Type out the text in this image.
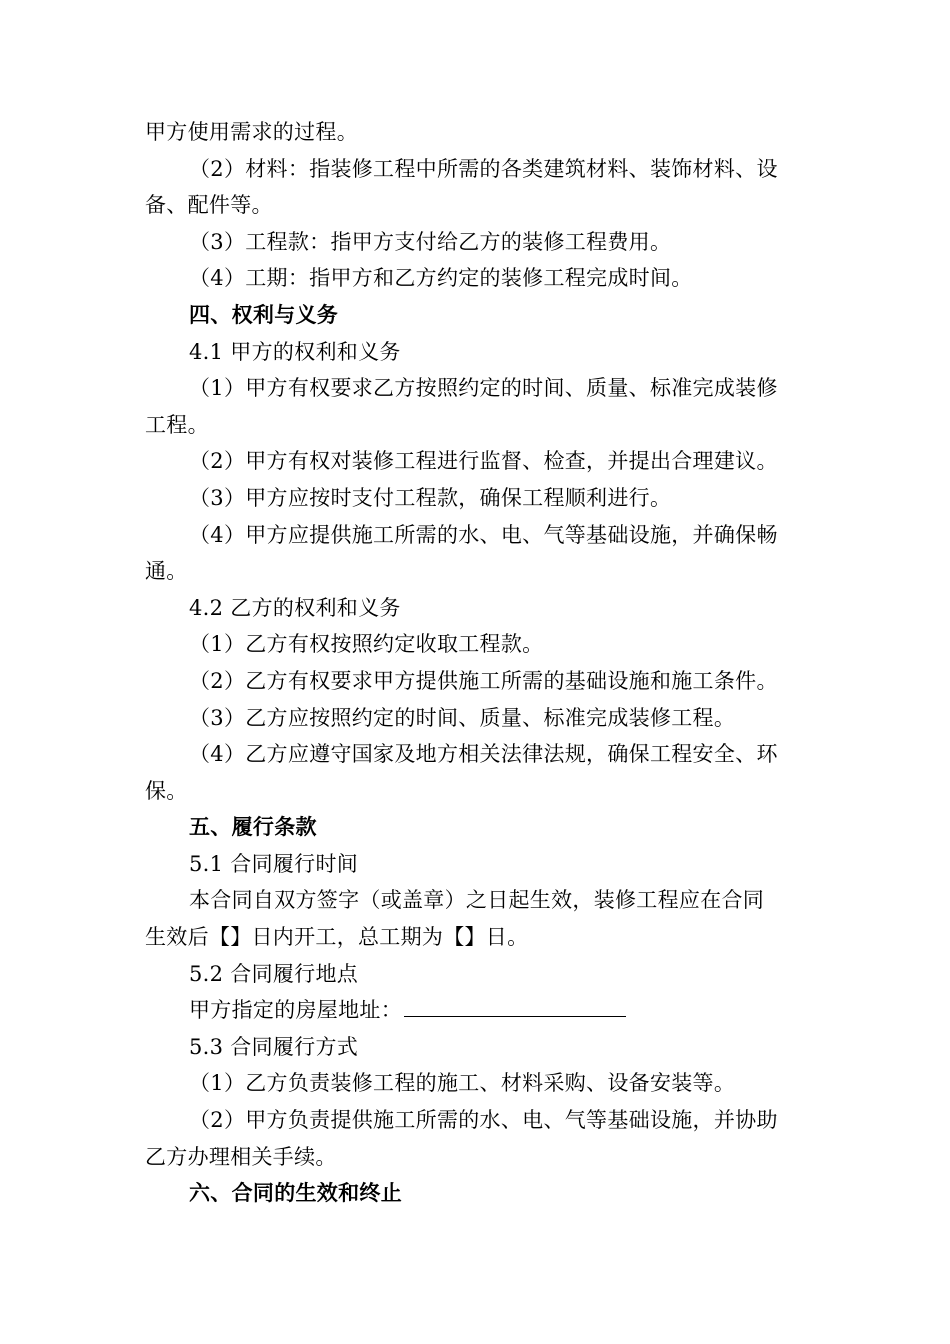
甲方使用需求的过程。

（2）材料：指装修工程中所需的各类建筑材料、装饰材料、设

备、配件等。

（3）工程款：指甲方支付给乙方的装修工程费用。

（4）工期：指甲方和乙方约定的装修工程完成时间。

四、权利与义务

4.1 甲方的权利和义务

（1）甲方有权要求乙方按照约定的时间、质量、标准完成装修

工程。

（2）甲方有权对装修工程进行监督、检查，并提出合理建议。

（3）甲方应按时支付工程款，确保工程顺利进行。

（4）甲方应提供施工所需的水、电、气等基础设施，并确保畅

通。

4.2 乙方的权利和义务

（1）乙方有权按照约定收取工程款。

（2）乙方有权要求甲方提供施工所需的基础设施和施工条件。

（3）乙方应按照约定的时间、质量、标准完成装修工程。

（4）乙方应遵守国家及地方相关法律法规，确保工程安全、环

保。

五、履行条款

5.1 合同履行时间

本合同自双方签字（或盖章）之日起生效，装修工程应在合同

生效后【】日内开工，总工期为【】日。

5.2 合同履行地点

甲方指定的房屋地址：

5.3 合同履行方式

（1）乙方负责装修工程的施工、材料采购、设备安装等。

（2）甲方负责提供施工所需的水、电、气等基础设施，并协助

乙方办理相关手续。

六、合同的生效和终止
